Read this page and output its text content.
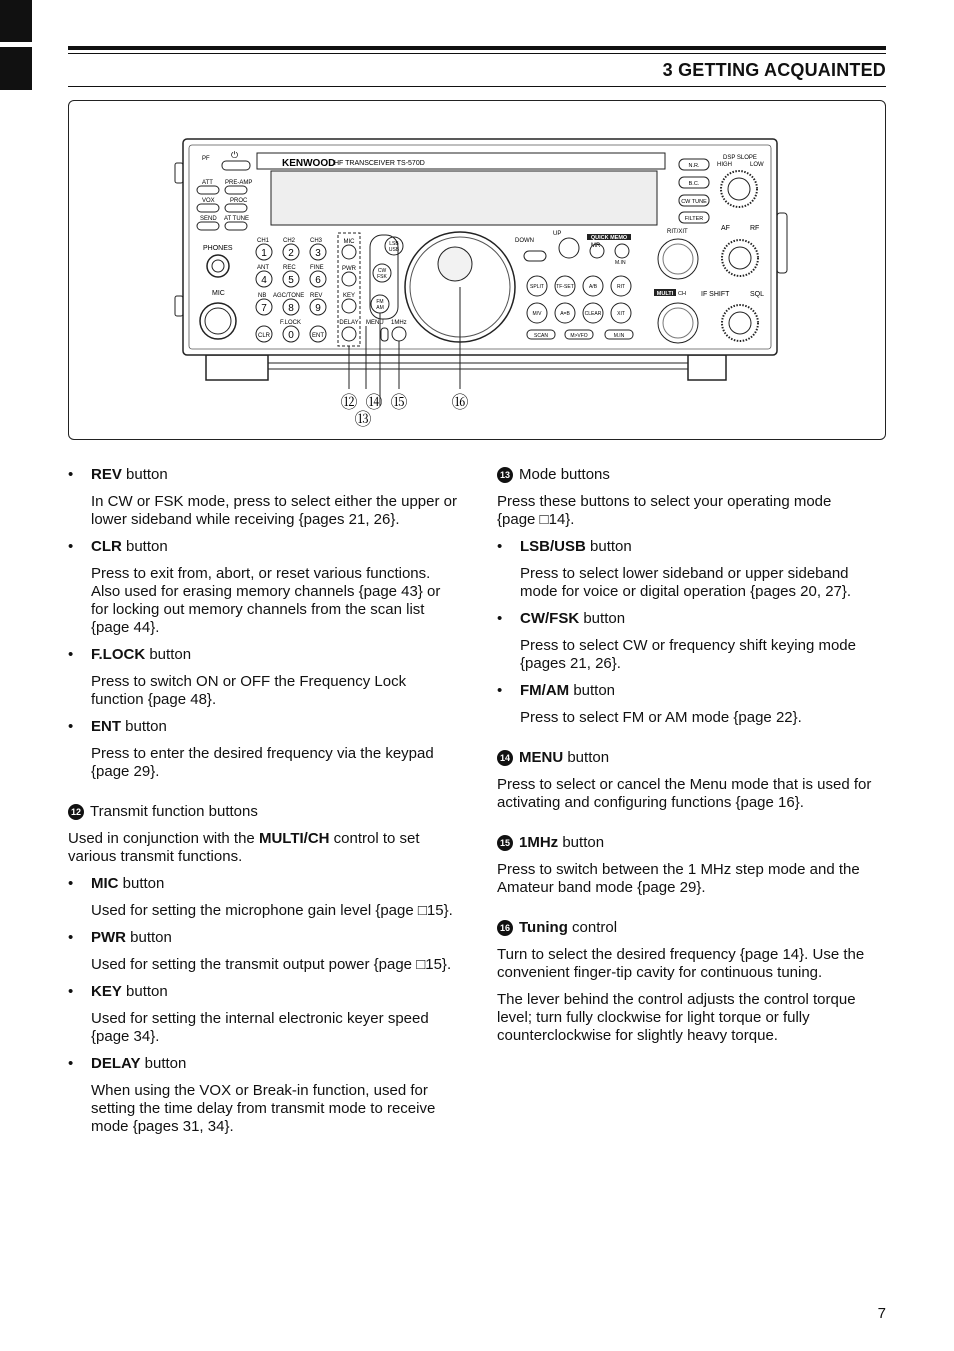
3 GETTING ACQUAINTED
KENWOOD
HF TRANSCEIVER TS-570D
PF ⏻
ATT PRE-AMP
VOX	PROC
SEND AT TUNE
PHONES
MIC
CH1 CH2 CH3
ANT REC FINE
NB AGC/TONE REV
F.LOCK
1 2 3
4 5 6
7 8 9
CLR 0	ENT
MIC
PWR
KEY
DELAY
LSB
USB
CW
FSK
FM
AM
MENU 1MHz
DOWN
UP
QUICK MEMO
MR
M.IN
SPLIT TF-SET	A/B	RIT
M/V	A=B	CLEAR	XIT
SCAN	M>VFO	M.IN
RIT/XIT
MULTI CH
N.R.
B.C.
CW TUNE
FILTER
DSP SLOPE
HIGH	LOW
AF	RF
IF SHIFT	SQL
⑫ ⑭ ⑮	⑯
⑬
• REV button
In CW or FSK mode, press to select either the upper or lower sideband while receiving {pages 21, 26}.
• CLR button
Press to exit from, abort, or reset various functions. Also used for erasing memory channels {page 43} or for locking out memory channels from the scan list {page 44}.
• F.LOCK button
Press to switch ON or OFF the Frequency Lock function {page 48}.
• ENT button
Press to enter the desired frequency via the keypad {page 29}.
12 Transmit function buttons
Used in conjunction with the MULTI/CH control to set various transmit functions.
• MIC button
Used for setting the microphone gain level {page □15}.
• PWR button
Used for setting the transmit output power {page □15}.
• KEY button
Used for setting the internal electronic keyer speed {page 34}.
• DELAY button
When using the VOX or Break-in function, used for setting the time delay from transmit mode to receive mode {pages 31, 34}.
13 Mode buttons
Press these buttons to select your operating mode {page □14}.
• LSB/USB button
Press to select lower sideband or upper sideband mode for voice or digital operation {pages 20, 27}.
• CW/FSK button
Press to select CW or frequency shift keying mode {pages 21, 26}.
• FM/AM button
Press to select FM or AM mode {page 22}.
14 MENU button
Press to select or cancel the Menu mode that is used for activating and configuring functions {page 16}.
15 1MHz button
Press to switch between the 1 MHz step mode and the Amateur band mode {page 29}.
16 Tuning control
Turn to select the desired frequency {page 14}. Use the convenient finger-tip cavity for continuous tuning.
The lever behind the control adjusts the control torque level; turn fully clockwise for light torque or fully counterclockwise for slightly heavy torque.
7
